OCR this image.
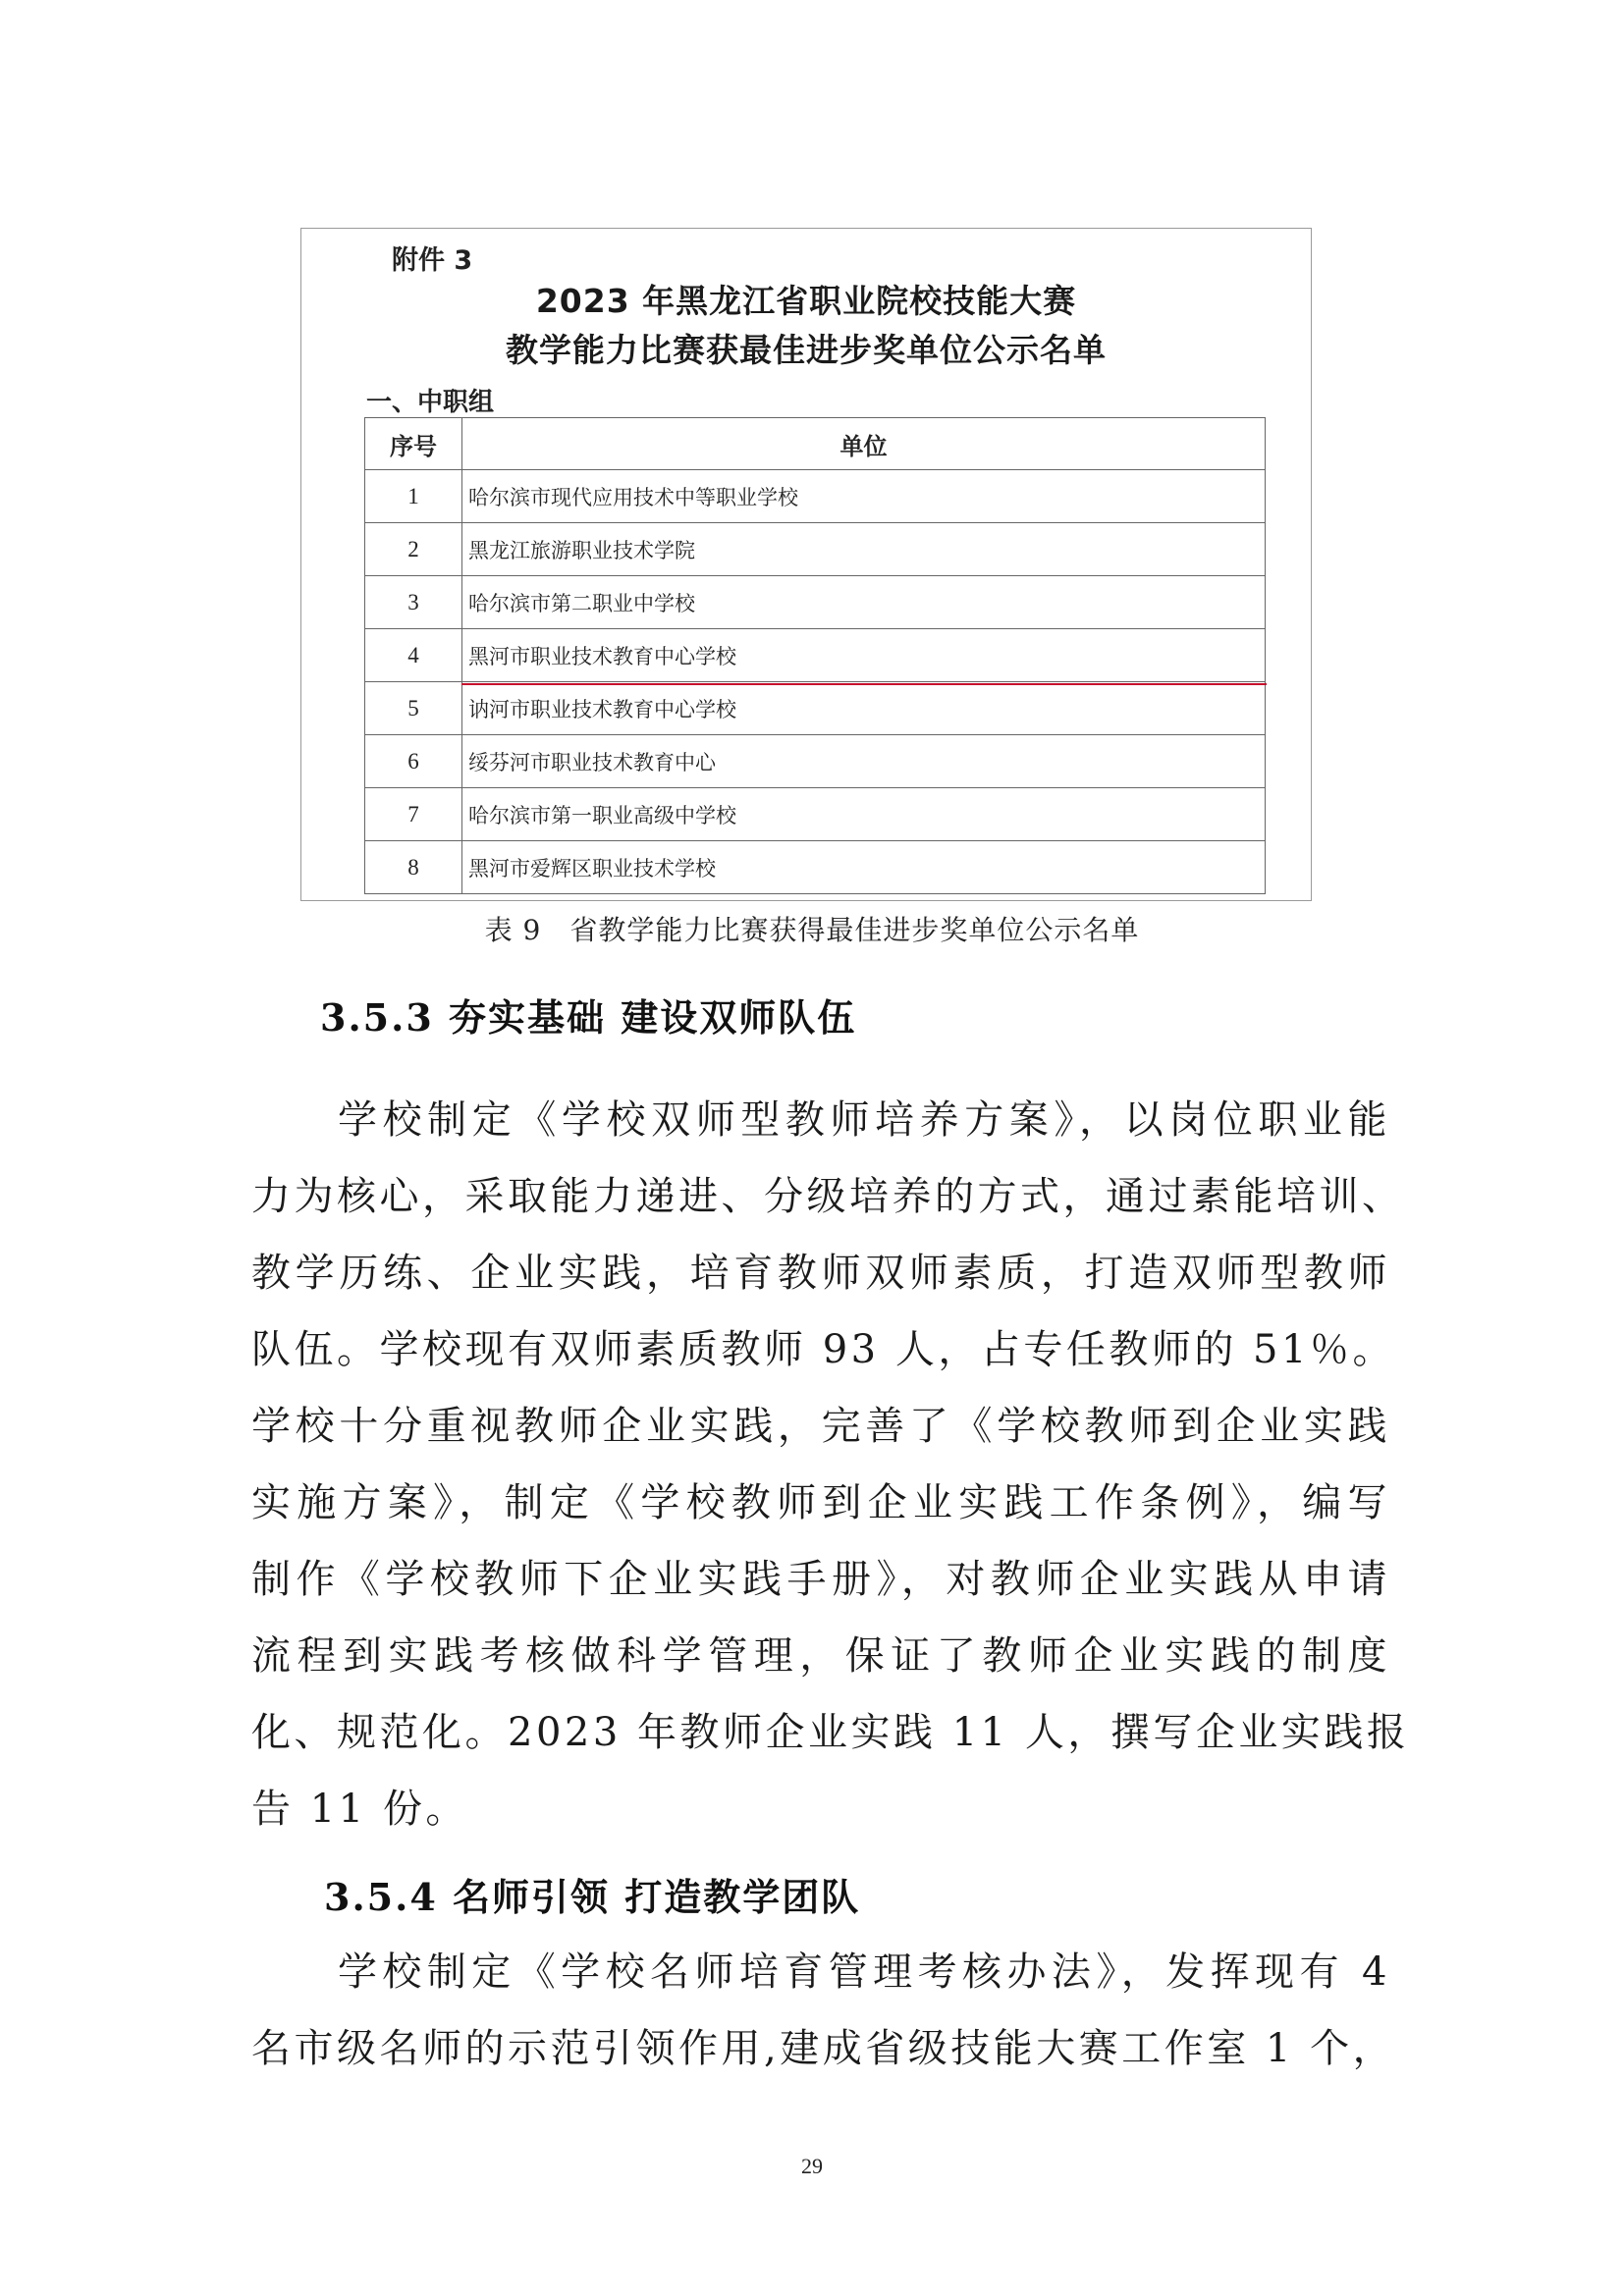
附件 3
2023 年黑龙江省职业院校技能大赛
教学能力比赛获最佳进步奖单位公示名单
一、中职组
序号	单位
1	哈尔滨市现代应用技术中等职业学校
2	黑龙江旅游职业技术学院
3	哈尔滨市第二职业中学校
4	黑河市职业技术教育中心学校
5	讷河市职业技术教育中心学校
6	绥芬河市职业技术教育中心
7	哈尔滨市第一职业高级中学校
8	黑河市爱辉区职业技术学校
表 9　省教学能力比赛获得最佳进步奖单位公示名单
3.5.3 夯实基础 建设双师队伍
学校制定《学校双师型教师培养方案》，以岗位职业能
力为核心，采取能力递进、分级培养的方式，通过素能培训、
教学历练、企业实践，培育教师双师素质，打造双师型教师
队伍。学校现有双师素质教师 93 人，占专任教师的 51％。
学校十分重视教师企业实践，完善了《学校教师到企业实践
实施方案》，制定《学校教师到企业实践工作条例》，编写
制作《学校教师下企业实践手册》，对教师企业实践从申请
流程到实践考核做科学管理，保证了教师企业实践的制度
化、规范化。2023 年教师企业实践 11 人，撰写企业实践报
告 11 份。
3.5.4 名师引领 打造教学团队
学校制定《学校名师培育管理考核办法》，发挥现有 4
名市级名师的示范引领作用,建成省级技能大赛工作室 1 个，
29
